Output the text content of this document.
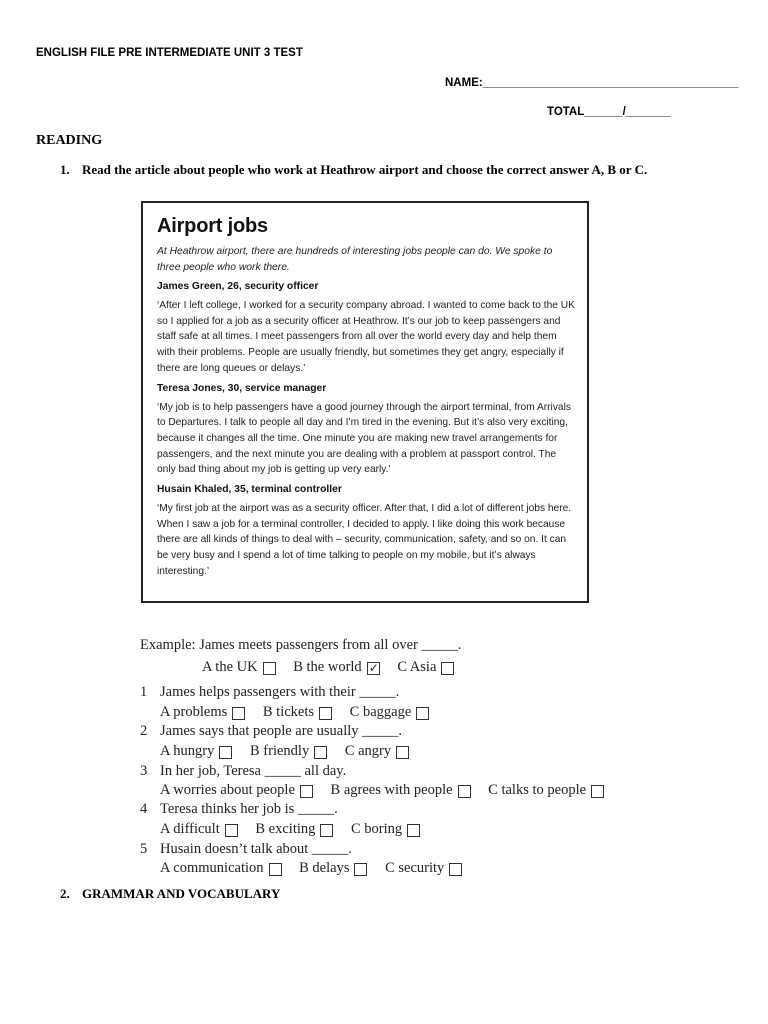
ENGLISH FILE PRE INTERMEDIATE UNIT 3 TEST
NAME:________________________________________
TOTAL______/_______
READING
1. Read the article about people who work at Heathrow airport and choose the correct answer A, B or C.
Airport jobs

At Heathrow airport, there are hundreds of interesting jobs people can do. We spoke to three people who work there.

James Green, 26, security officer

‘After I left college, I worked for a security company abroad. I wanted to come back to the UK so I applied for a job as a security officer at Heathrow. It’s our job to keep passengers and staff safe at all times. I meet passengers from all over the world every day and help them with their problems. People are usually friendly, but sometimes they get angry, especially if there are long queues or delays.’

Teresa Jones, 30, service manager

‘My job is to help passengers have a good journey through the airport terminal, from Arrivals to Departures. I talk to people all day and I’m tired in the evening. But it’s also very exciting, because it changes all the time. One minute you are making new travel arrangements for passengers, and the next minute you are dealing with a problem at passport control. The only bad thing about my job is getting up very early.’

Husain Khaled, 35, terminal controller

‘My first job at the airport was as a security officer. After that, I did a lot of different jobs here. When I saw a job for a terminal controller, I decided to apply. I like doing this work because there are all kinds of things to deal with – security, communication, safety, and so on. It can be very busy and I spend a lot of time talking to people on my mobile, but it’s always interesting.’

Example: James meets passengers from all over _____.
A the UK
B the world ✓
C Asia
1 James helps passengers with their _____.
A problems
B tickets
C baggage
2 James says that people are usually _____.
A hungry
B friendly
C angry
3 In her job, Teresa _____ all day.
A worries about people
B agrees with people
C talks to people
4 Teresa thinks her job is _____.
A difficult
B exciting
C boring
5 Husain doesn’t talk about _____.
A communication
B delays
C security
2. GRAMMAR AND VOCABULARY
